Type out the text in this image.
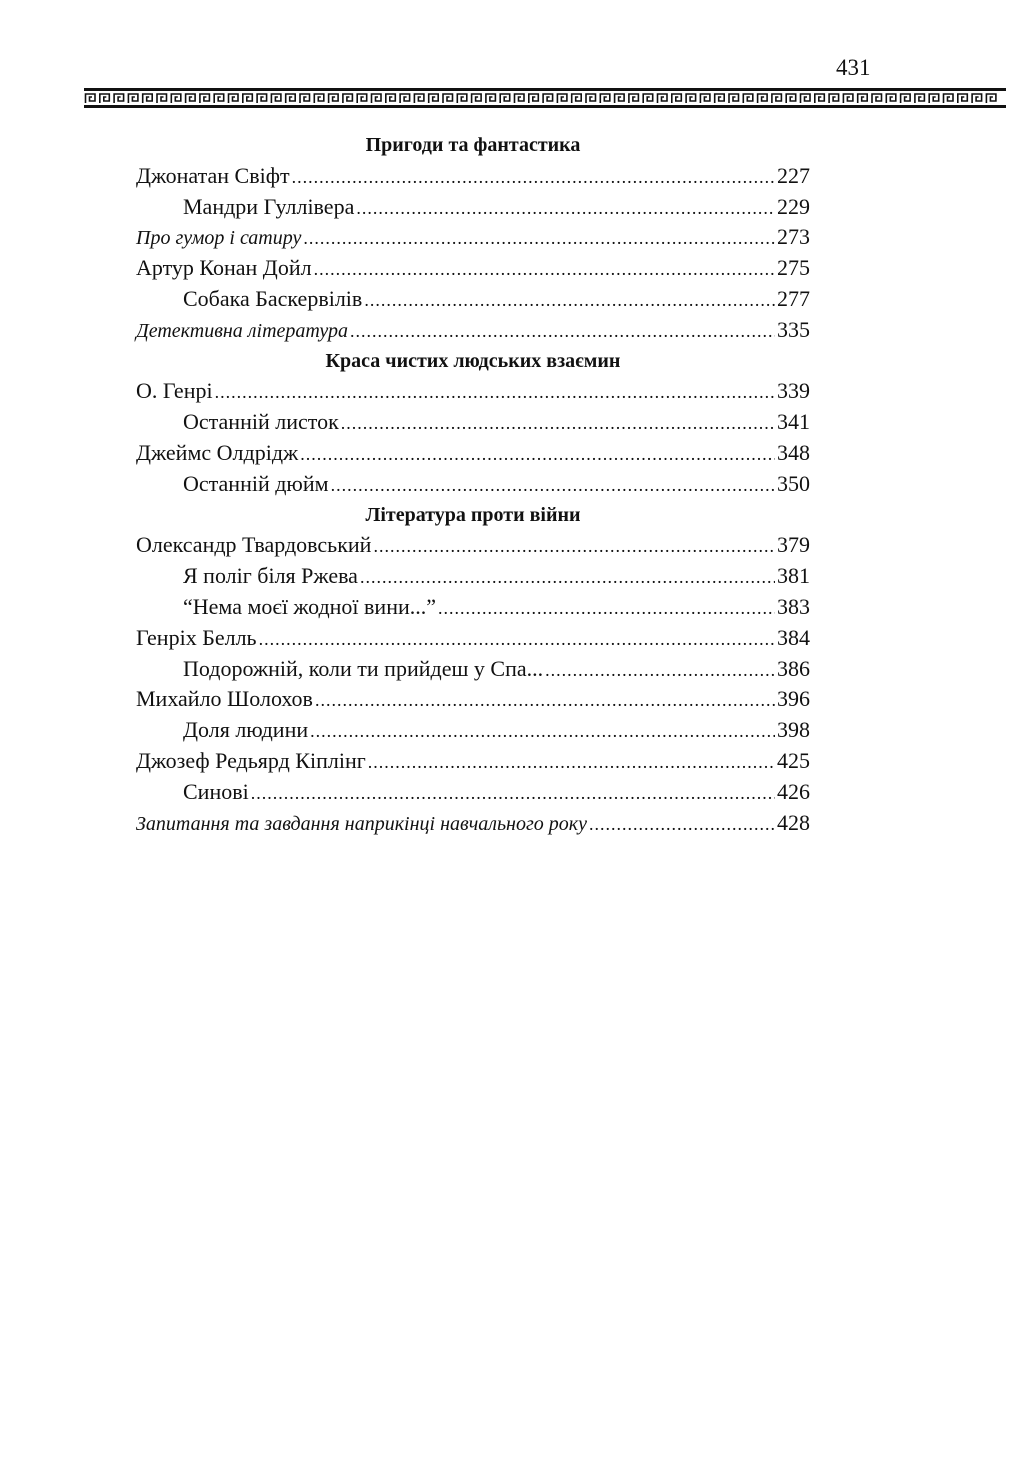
431
Пригоди та фантастика
Джонатан Свіфт .....	227
Мандри Гуллівера .....	229
Про гумор і сатиру .....	273
Артур Конан Дойл .....	275
Собака Баскервілів .....	277
Детективна література .....	335
Краса чистих людських взаємин
О. Генрі .....	339
Останній листок .....	341
Джеймс Олдрідж .....	348
Останній дюйм .....	350
Література проти війни
Олександр Твардовський .....	379
Я поліг біля Ржева .....	381
“Нема моєї жодної вини...” .....	383
Генріх Белль .....	384
Подорожній, коли ти прийдеш у Спа... .....	386
Михайло Шолохов .....	396
Доля людини .....	398
Джозеф Редьярд Кіплінг .....	425
Синові .....	426
Запитання та завдання наприкінці навчального року .....	428
